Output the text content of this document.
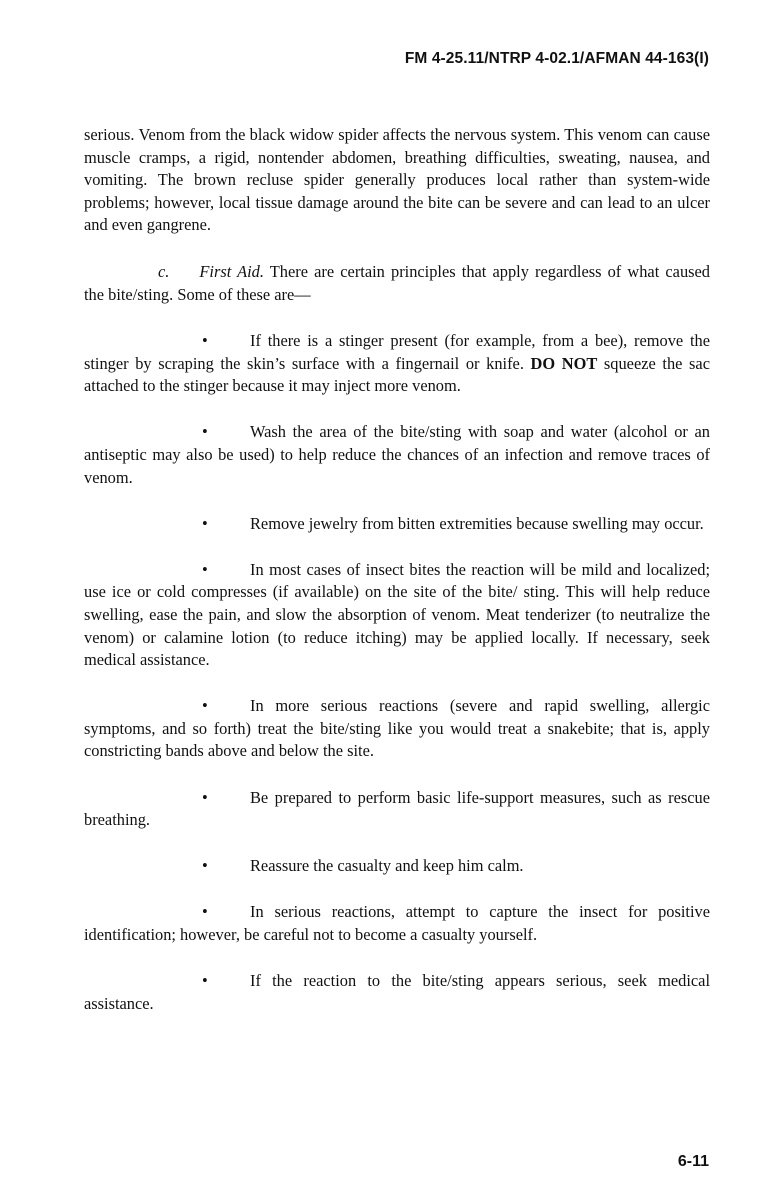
FM 4-25.11/NTRP 4-02.1/AFMAN 44-163(I)

serious. Venom from the black widow spider affects the nervous system. This venom can cause muscle cramps, a rigid, nontender abdomen, breathing difficulties, sweating, nausea, and vomiting. The brown recluse spider generally produces local rather than system-wide problems; however, local tissue damage around the bite can be severe and can lead to an ulcer and even gangrene.

c. First Aid. There are certain principles that apply regardless of what caused the bite/sting. Some of these are—

•	If there is a stinger present (for example, from a bee), remove the stinger by scraping the skin’s surface with a fingernail or knife. DO NOT squeeze the sac attached to the stinger because it may inject more venom.

•	Wash the area of the bite/sting with soap and water (alcohol or an antiseptic may also be used) to help reduce the chances of an infection and remove traces of venom.

•	Remove jewelry from bitten extremities because swelling may occur.

•	In most cases of insect bites the reaction will be mild and localized; use ice or cold compresses (if available) on the site of the bite/ sting. This will help reduce swelling, ease the pain, and slow the absorption of venom. Meat tenderizer (to neutralize the venom) or calamine lotion (to reduce itching) may be applied locally. If necessary, seek medical assistance.

•	In more serious reactions (severe and rapid swelling, allergic symptoms, and so forth) treat the bite/sting like you would treat a snakebite; that is, apply constricting bands above and below the site.

•	Be prepared to perform basic life-support measures, such as rescue breathing.

•	Reassure the casualty and keep him calm.

•	In serious reactions, attempt to capture the insect for positive identification; however, be careful not to become a casualty yourself.

•	If the reaction to the bite/sting appears serious, seek medical assistance.

6-11
